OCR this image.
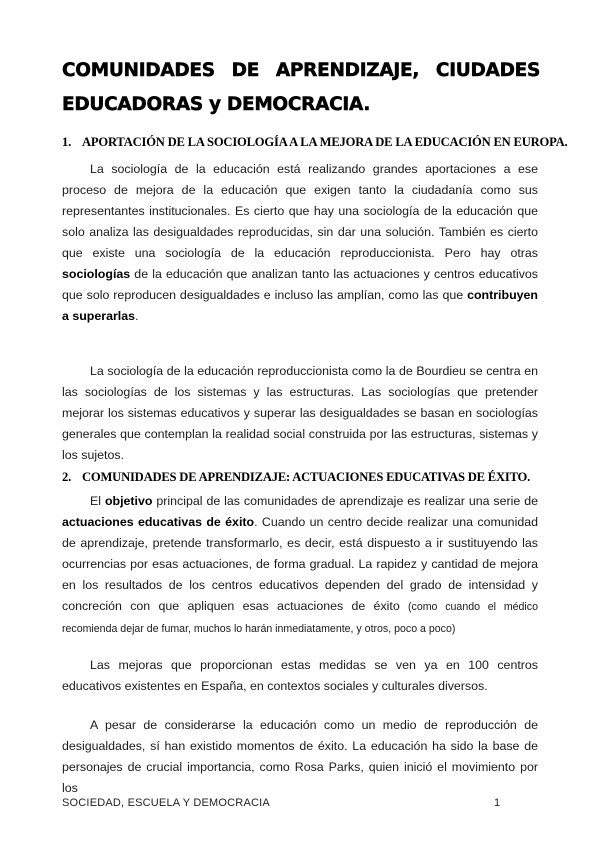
COMUNIDADES DE APRENDIZAJE, CIUDADES
EDUCADORAS y DEMOCRACIA.
1. APORTACIÓN DE LA SOCIOLOGÍA A LA MEJORA DE LA EDUCACIÓN EN EUROPA.

La sociología de la educación está realizando grandes aportaciones a ese proceso de mejora de la educación que exigen tanto la ciudadanía como sus representantes institucionales. Es cierto que hay una sociología de la educación que solo analiza las desigualdades reproducidas, sin dar una solución. También es cierto que existe una sociología de la educación reproduccionista. Pero hay otras sociologías de la educación que analizan tanto las actuaciones y centros educativos que solo reproducen desigualdades e incluso las amplían, como las que contribuyen a superarlas.

La sociología de la educación reproduccionista como la de Bourdieu se centra en las sociologías de los sistemas y las estructuras. Las sociologías que pretender mejorar los sistemas educativos y superar las desigualdades se basan en sociologías generales que contemplan la realidad social construida por las estructuras, sistemas y los sujetos.

2. COMUNIDADES DE APRENDIZAJE: ACTUACIONES EDUCATIVAS DE ÉXITO.

El objetivo principal de las comunidades de aprendizaje es realizar una serie de actuaciones educativas de éxito. Cuando un centro decide realizar una comunidad de aprendizaje, pretende transformarlo, es decir, está dispuesto a ir sustituyendo las ocurrencias por esas actuaciones, de forma gradual. La rapidez y cantidad de mejora en los resultados de los centros educativos dependen del grado de intensidad y concreción con que apliquen esas actuaciones de éxito (como cuando el médico recomienda dejar de fumar, muchos lo harán inmediatamente, y otros, poco a poco)

Las mejoras que proporcionan estas medidas se ven ya en 100 centros educativos existentes en España, en contextos sociales y culturales diversos.

A pesar de considerarse la educación como un medio de reproducción de desigualdades, sí han existido momentos de éxito. La educación ha sido la base de personajes de crucial importancia, como Rosa Parks, quien inició el movimiento por los

SOCIEDAD, ESCUELA Y DEMOCRACIA	1
